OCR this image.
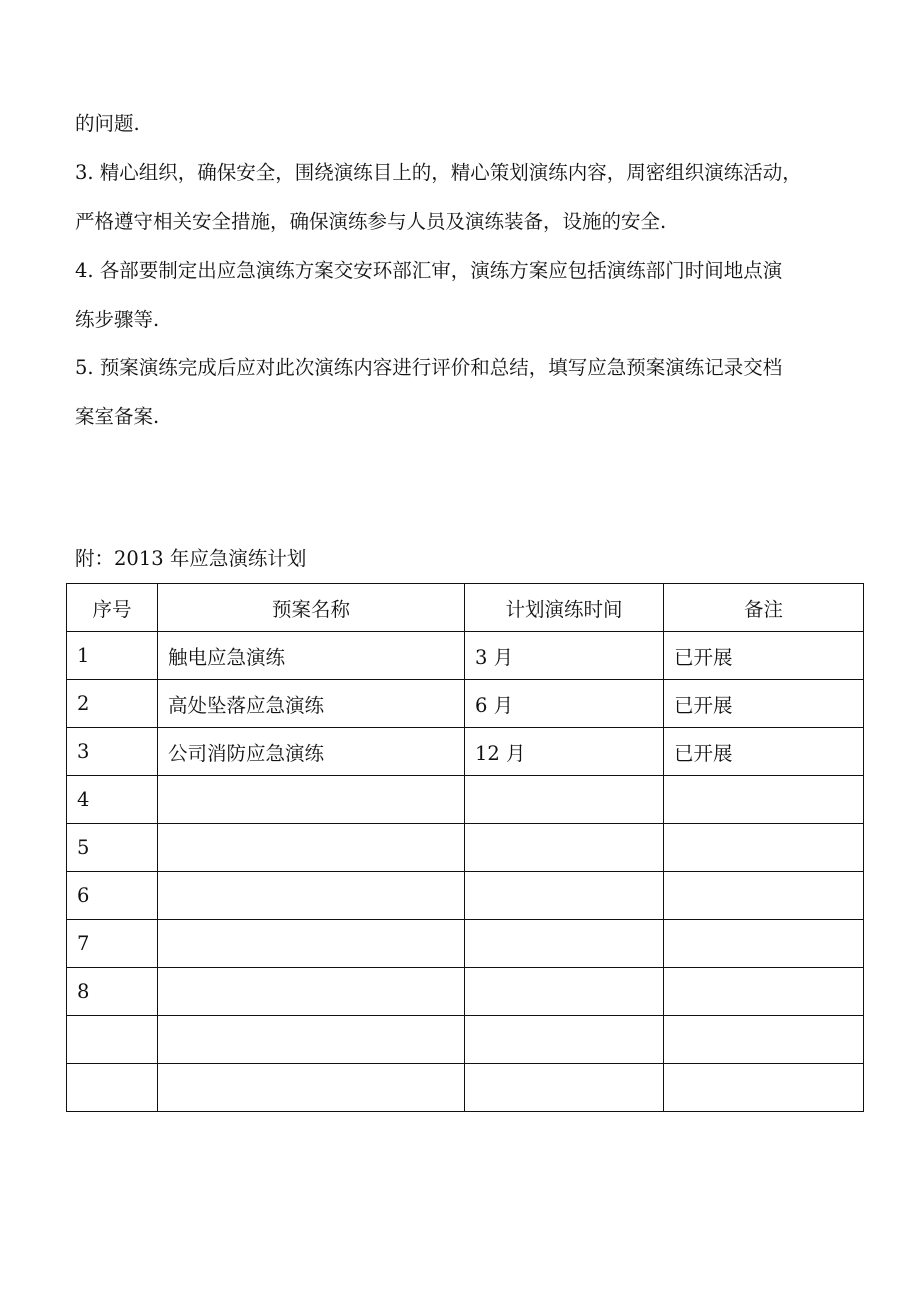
的问题.

3. 精心组织，确保安全，围绕演练目上的，精心策划演练内容，周密组织演练活动，
严格遵守相关安全措施，确保演练参与人员及演练装备，设施的安全.

4. 各部要制定出应急演练方案交安环部汇审，演练方案应包括演练部门时间地点演
练步骤等.

5. 预案演练完成后应对此次演练内容进行评价和总结，填写应急预案演练记录交档
案室备案.

附：2013 年应急演练计划
序号	预案名称	计划演练时间	备注
1	触电应急演练	3 月	已开展
2	高处坠落应急演练	6 月	已开展
3	公司消防应急演练	12 月	已开展
4			
5			
6			
7			
8			
